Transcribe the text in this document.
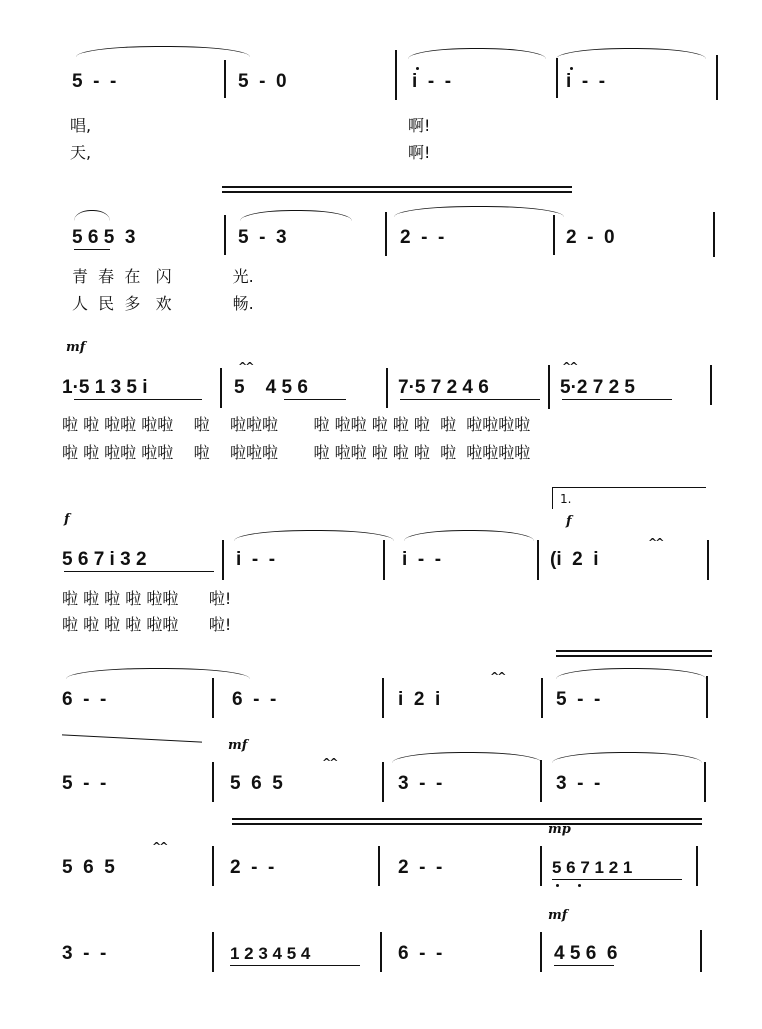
5  -  -	5  -  0	i  -  -	i  -  -
唱,	啊!
天,	啊!
5 6 5  3	5  -  3	2  -  -	2  -  0
青  春  在   闪            光.
人  民  多   欢            畅.
mf
^^	^^
1·5 1 3 5 i	5    4 5 6	7·5 7 2 4 6	5·2 7 2 5
啦 啦 啦啦 啦啦    啦    啦啦啦       啦 啦啦 啦 啦 啦  啦  啦啦啦啦
啦 啦 啦啦 啦啦    啦    啦啦啦       啦 啦啦 啦 啦 啦  啦  啦啦啦啦
1.
f	f
^^
5 6 7 i 3 2	i  -  -	i  -  -	(i  2  i
啦 啦 啦 啦 啦啦      啦!
啦 啦 啦 啦 啦啦      啦!
^^
6  -  -	6  -  -	i  2  i	5  -  -
mf
^^
5  -  -	5  6  5	3  -  -	3  -  -
mp
^^
5  6  5	2  -  -	2  -  -	5 6 7 1 2 1
mf
3  -  -	1 2 3 4 5 4	6  -  -	4 5 6  6
